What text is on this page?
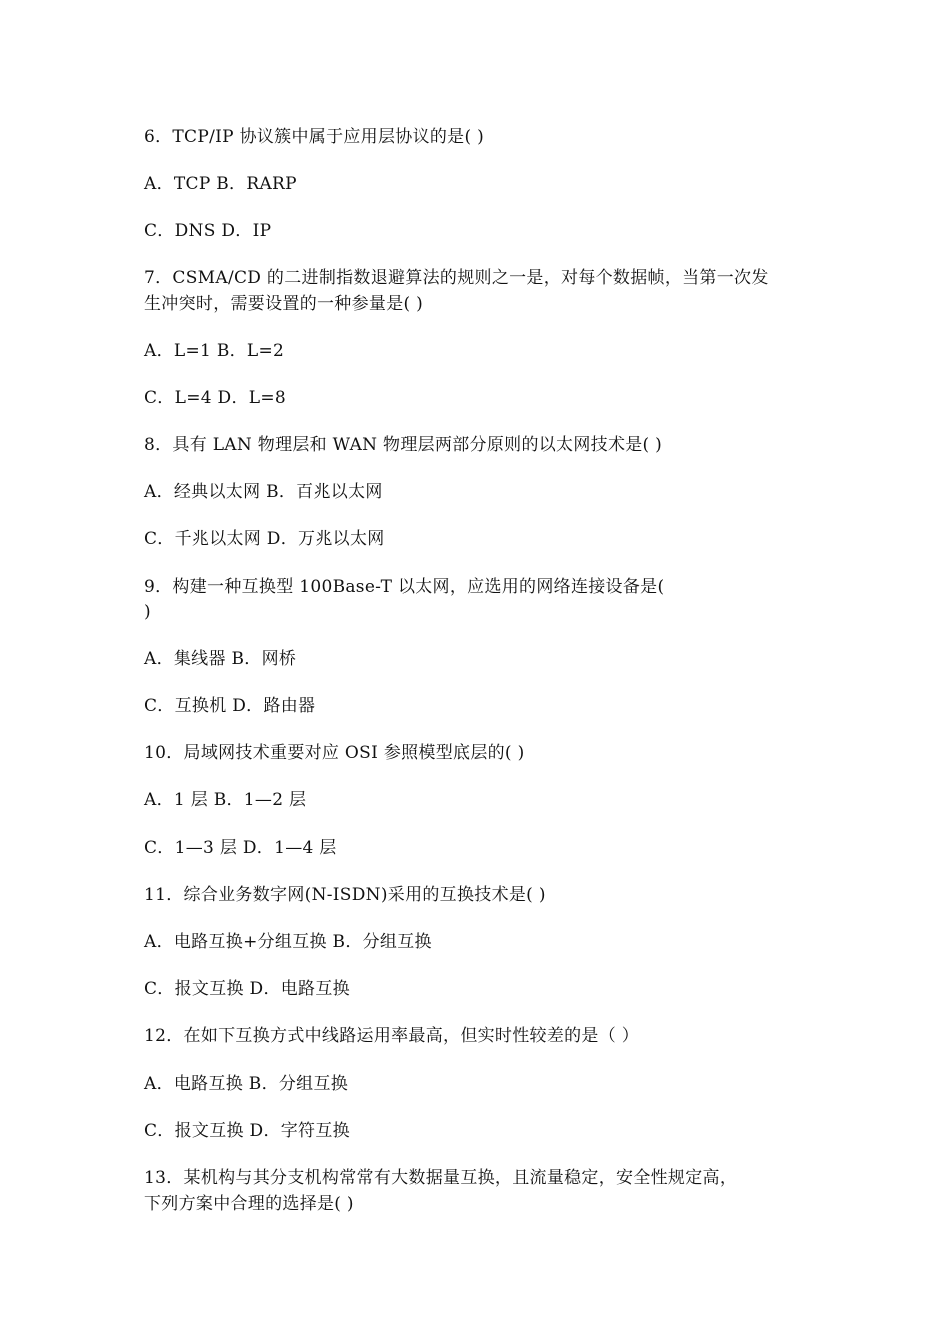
6．TCP/IP 协议簇中属于应用层协议的是( )
A．TCP B．RARP
C．DNS D．IP
7．CSMA/CD 的二进制指数退避算法的规则之一是，对每个数据帧，当第一次发
生冲突时，需要设置的一种参量是( )
A．L=1 B．L=2
C．L=4 D．L=8
8．具有 LAN 物理层和 WAN 物理层两部分原则的以太网技术是( )
A．经典以太网 B．百兆以太网
C．千兆以太网 D．万兆以太网
9．构建一种互换型 100Base-T 以太网，应选用的网络连接设备是(
)
A．集线器 B．网桥
C．互换机 D．路由器
10．局域网技术重要对应 OSI 参照模型底层的( )
A．1 层 B．1—2 层
C．1—3 层 D．1—4 层
11．综合业务数字网(N-ISDN)采用的互换技术是( )
A．电路互换+分组互换 B．分组互换
C．报文互换 D．电路互换
12．在如下互换方式中线路运用率最高，但实时性较差的是（ ）
A．电路互换 B．分组互换
C．报文互换 D．字符互换
13．某机构与其分支机构常常有大数据量互换，且流量稳定，安全性规定高，
下列方案中合理的选择是( )
